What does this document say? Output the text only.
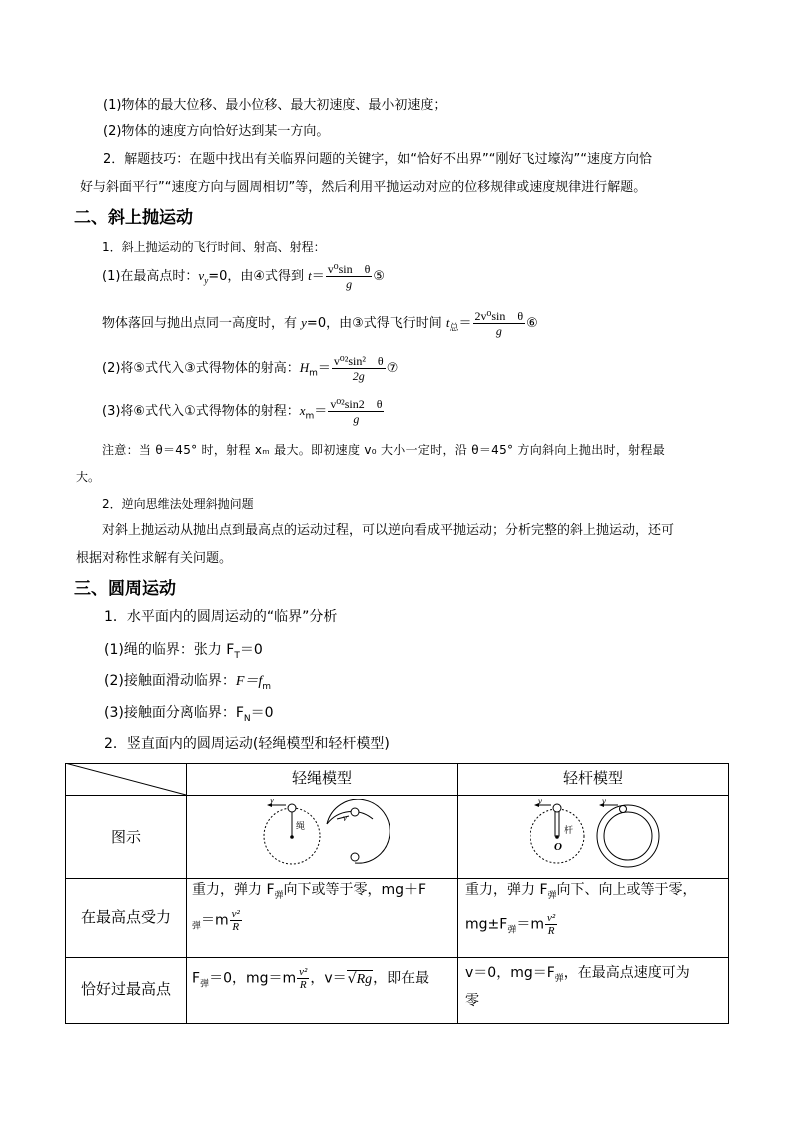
(1)物体的最大位移、最小位移、最大初速度、最小初速度；
(2)物体的速度方向恰好达到某一方向。
2．解题技巧：在题中找出有关临界问题的关键字，如“恰好不出界”“刚好飞过壕沟”“速度方向恰
好与斜面平行”“速度方向与圆周相切”等，然后利用平抛运动对应的位移规律或速度规律进行解题。
二、斜上抛运动
1．斜上抛运动的飞行时间、射高、射程：
(1)在最高点时：$v_y=0$，由④式得到 $t= \frac{\text{v⁰sin　θ}}{g}$ ⑤
物体落回与抛出点同一高度时，有 y=0，由③式得飞行时间 $t_总= \frac{\text{2v⁰sin　θ}}{g}$ ⑥
(2)将⑤式代入③式得物体的射高：$H_m= \frac{\text{v⁰²sin²　θ}}{2g}$ ⑦
(3)将⑥式代入①式得物体的射程：$x_m= \frac{\text{v⁰²sin2　θ}}{g}$
注意：当 θ＝45° 时，射程 xₘ 最大。即初速度 v₀ 大小一定时，沿 θ＝45° 方向斜向上抛出时，射程最
大。
2．逆向思维法处理斜抛问题
对斜上抛运动从抛出点到最高点的运动过程，可以逆向看成平抛运动；分析完整的斜上抛运动，还可
根据对称性求解有关问题。
三、圆周运动
1．水平面内的圆周运动的“临界”分析
(1)绳的临界：张力 $F_T=0$
(2)接触面滑动临界：$F=f_m$
(3)接触面分离临界：$F_N=0$
2．竖直面内的圆周运动(轻绳模型和轻杆模型)
轻绳模型	轻杆模型
图示
在最高点受力
恰好过最高点
v
绳
v
v
杆
O
v
重力，弹力 $F_弹$向下或等于零，mg＋F
$_弹=m \frac{\text{v²}}{R}$
重力，弹力 $F_弹$向下、向上或等于零，
$mg\pm F_弹=m \frac{\text{v²}}{R}$
$F_弹=0$，$mg=m \frac{\text{v²}}{R}$ ，v＝√Rg，即在最	v＝0，$mg=F_弹$，在最高点速度可为
零
